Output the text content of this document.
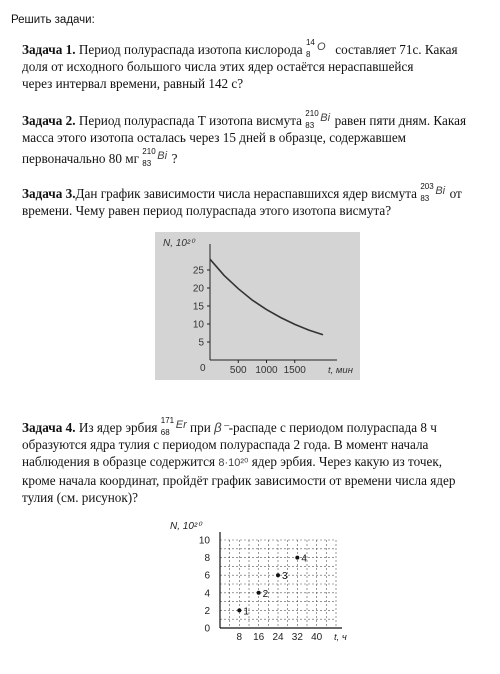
Решить задачи:
Задача 1. Период полураспада изотопа кислорода 14
8
O составляет 71с. Какая
доля от исходного большого числа этих ядер остаётся нераспавшейся
через интервал времени, равный 142 с?
Задача 2. Период полураспада Т изотопа висмута 210
83
Bi равен пяти дням. Какая
масса этого изотопа осталась через 15 дней в образце, содержавшем
первоначально 80 мг 210
83
Bi ?
Задача 3.Дан график зависимости числа нераспавшихся ядер висмута 203
83
Bi от
времени. Чему равен период полураспада этого изотопа висмута?
N, 10²⁰
0
5
10
15
20
25
500 1000 1500 t, мин
Задача 4. Из ядер эрбия 171
68
Er при β⁻-распаде с периодом полураспада 8 ч
образуются ядра тулия с периодом полураспада 2 года. В момент начала
наблюдения в образце содержится 8·10²⁰ ядер эрбия. Через какую из точек,
кроме начала координат, пройдёт график зависимости от времени числа ядер
тулия (см. рисунок)?
N, 10²⁰
0
2
4
6
8
10
8 16 24 32 40 t, ч
1
2
3
4
